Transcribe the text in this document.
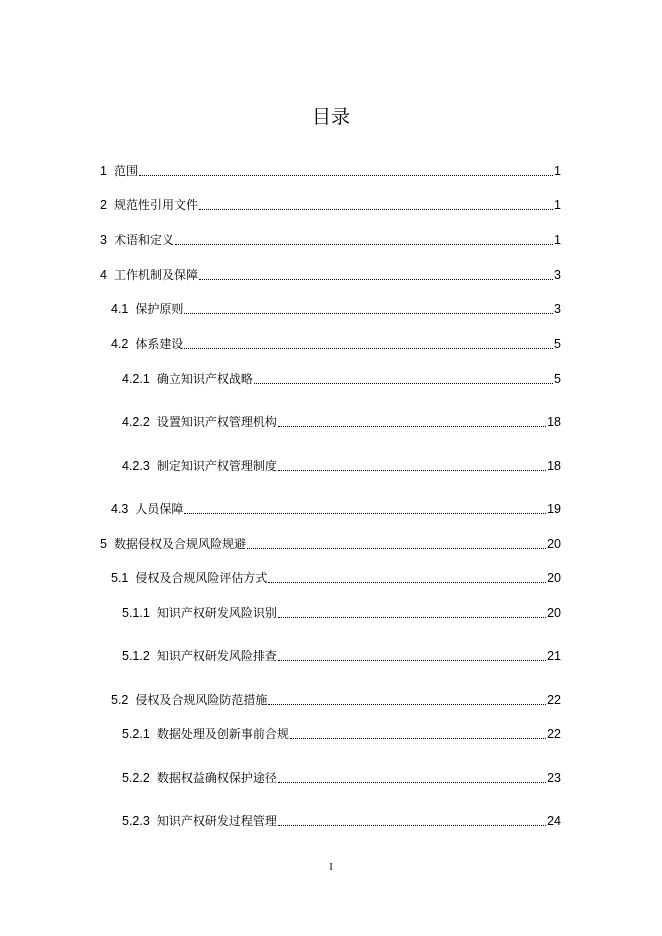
目录
1 范围	1
2 规范性引用文件	1
3 术语和定义	1
4 工作机制及保障	3
4.1 保护原则	3
4.2 体系建设	5
4.2.1 确立知识产权战略	5
4.2.2 设置知识产权管理机构	18
4.2.3 制定知识产权管理制度	18
4.3 人员保障	19
5 数据侵权及合规风险规避	20
5.1 侵权及合规风险评估方式	20
5.1.1 知识产权研发风险识别	20
5.1.2 知识产权研发风险排查	21
5.2 侵权及合规风险防范措施	22
5.2.1 数据处理及创新事前合规	22
5.2.2 数据权益确权保护途径	23
5.2.3 知识产权研发过程管理	24
I
